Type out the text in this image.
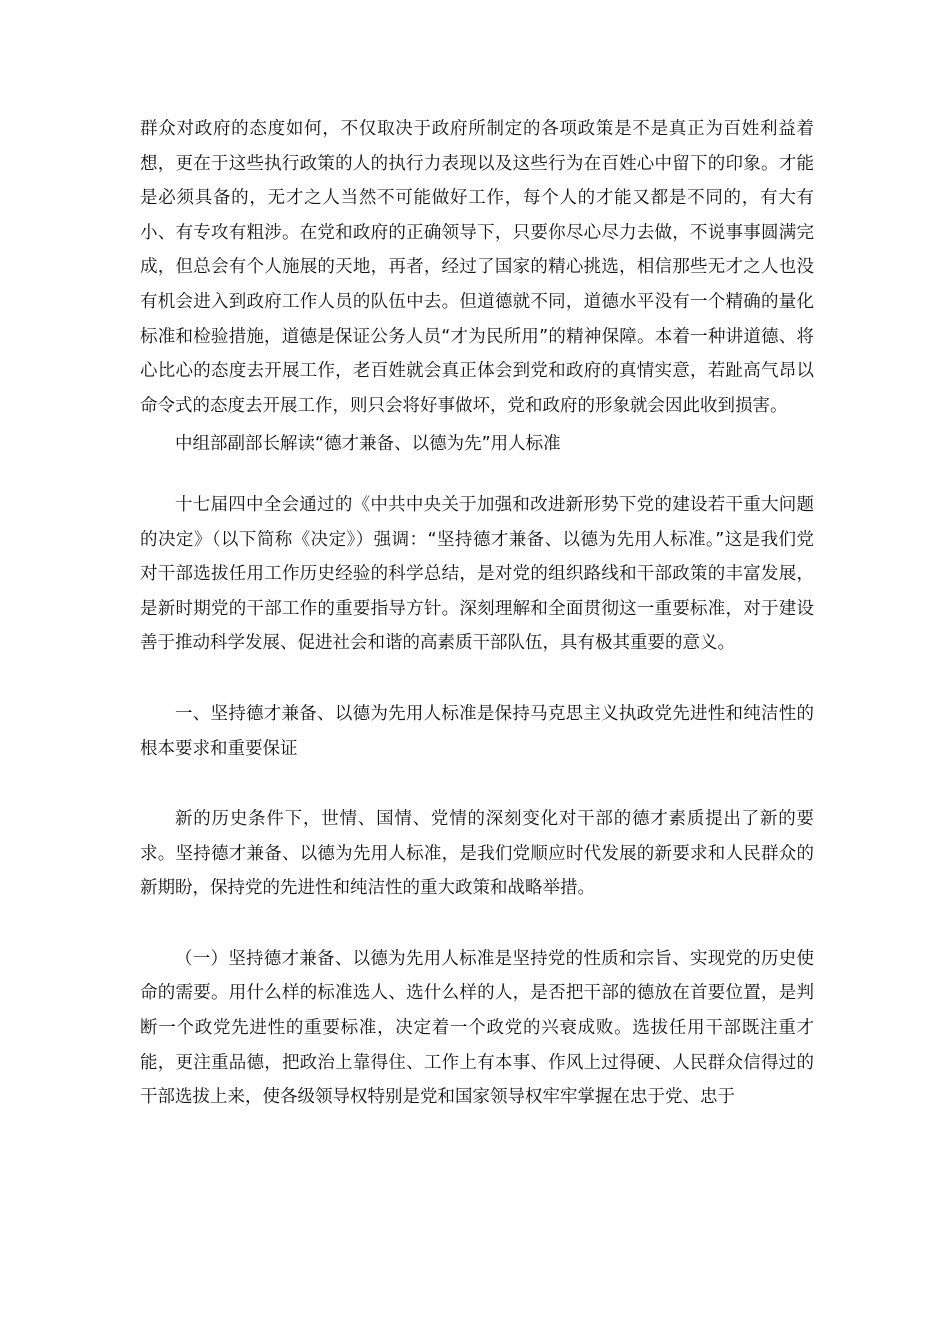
群众对政府的态度如何，不仅取决于政府所制定的各项政策是不是真正为百姓利益着想，更在于这些执行政策的人的执行力表现以及这些行为在百姓心中留下的印象。才能是必须具备的，无才之人当然不可能做好工作，每个人的才能又都是不同的，有大有小、有专攻有粗涉。在党和政府的正确领导下，只要你尽心尽力去做，不说事事圆满完成，但总会有个人施展的天地，再者，经过了国家的精心挑选，相信那些无才之人也没有机会进入到政府工作人员的队伍中去。但道德就不同，道德水平没有一个精确的量化标准和检验措施，道德是保证公务人员“才为民所用”的精神保障。本着一种讲道德、将心比心的态度去开展工作，老百姓就会真正体会到党和政府的真情实意，若趾高气昂以命令式的态度去开展工作，则只会将好事做坏，党和政府的形象就会因此收到损害。

中组部副部长解读“德才兼备、以德为先”用人标准

十七届四中全会通过的《中共中央关于加强和改进新形势下党的建设若干重大问题的决定》（以下简称《决定》）强调：“坚持德才兼备、以德为先用人标准。”这是我们党对干部选拔任用工作历史经验的科学总结，是对党的组织路线和干部政策的丰富发展，是新时期党的干部工作的重要指导方针。深刻理解和全面贯彻这一重要标准，对于建设善于推动科学发展、促进社会和谐的高素质干部队伍，具有极其重要的意义。

一、坚持德才兼备、以德为先用人标准是保持马克思主义执政党先进性和纯洁性的根本要求和重要保证

新的历史条件下，世情、国情、党情的深刻变化对干部的德才素质提出了新的要求。坚持德才兼备、以德为先用人标准，是我们党顺应时代发展的新要求和人民群众的新期盼，保持党的先进性和纯洁性的重大政策和战略举措。

（一）坚持德才兼备、以德为先用人标准是坚持党的性质和宗旨、实现党的历史使命的需要。用什么样的标准选人、选什么样的人，是否把干部的德放在首要位置，是判断一个政党先进性的重要标准，决定着一个政党的兴衰成败。选拔任用干部既注重才能，更注重品德，把政治上靠得住、工作上有本事、作风上过得硬、人民群众信得过的干部选拔上来，使各级领导权特别是党和国家领导权牢牢掌握在忠于党、忠于
